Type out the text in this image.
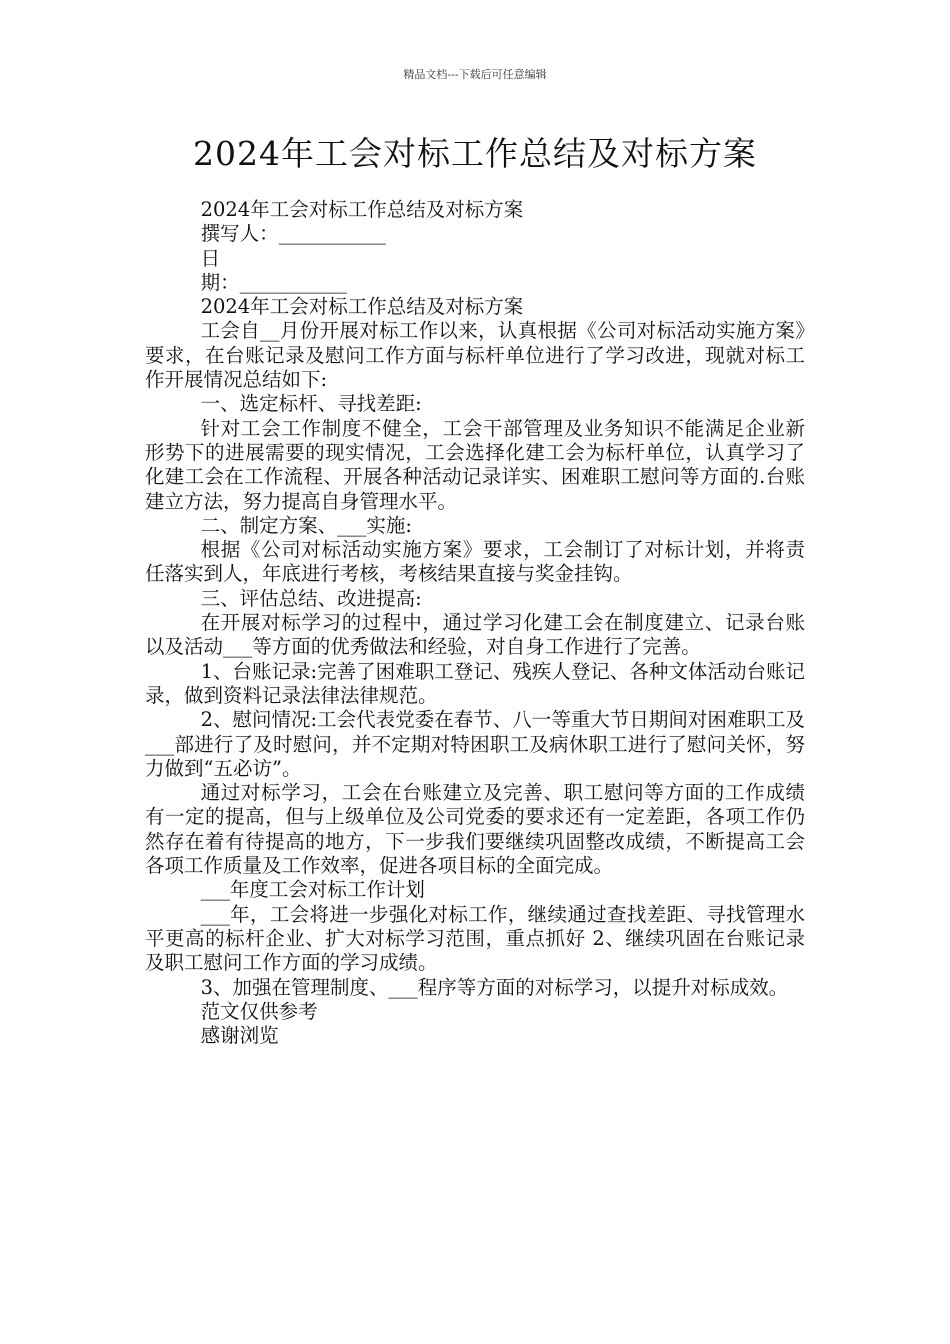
精品文档---下载后可任意编辑
2024年工会对标工作总结及对标方案

2024年工会对标工作总结及对标方案

撰写人：___________

日

期：___________

2024年工会对标工作总结及对标方案

工会自__月份开展对标工作以来，认真根据《公司对标活动实施方案》要求，在台账记录及慰问工作方面与标杆单位进行了学习改进，现就对标工作开展情况总结如下:

一、选定标杆、寻找差距:

针对工会工作制度不健全，工会干部管理及业务知识不能满足企业新形势下的进展需要的现实情况，工会选择化建工会为标杆单位，认真学习了化建工会在工作流程、开展各种活动记录详实、困难职工慰问等方面的.台账建立方法，努力提高自身管理水平。

二、制定方案、___实施:

根据《公司对标活动实施方案》要求，工会制订了对标计划，并将责任落实到人，年底进行考核，考核结果直接与奖金挂钩。

三、评估总结、改进提高:

在开展对标学习的过程中，通过学习化建工会在制度建立、记录台账以及活动___等方面的优秀做法和经验，对自身工作进行了完善。

1、台账记录:完善了困难职工登记、残疾人登记、各种文体活动台账记录，做到资料记录法律法律规范。

2、慰问情况:工会代表党委在春节、八一等重大节日期间对困难职工及___部进行了及时慰问，并不定期对特困职工及病休职工进行了慰问关怀，努力做到“五必访”。

通过对标学习，工会在台账建立及完善、职工慰问等方面的工作成绩有一定的提高，但与上级单位及公司党委的要求还有一定差距，各项工作仍然存在着有待提高的地方，下一步我们要继续巩固整改成绩，不断提高工会各项工作质量及工作效率，促进各项目标的全面完成。

___年度工会对标工作计划

___年，工会将进一步强化对标工作，继续通过查找差距、寻找管理水平更高的标杆企业、扩大对标学习范围，重点抓好 2、继续巩固在台账记录及职工慰问工作方面的学习成绩。

3、加强在管理制度、___程序等方面的对标学习，以提升对标成效。

范文仅供参考

感谢浏览
